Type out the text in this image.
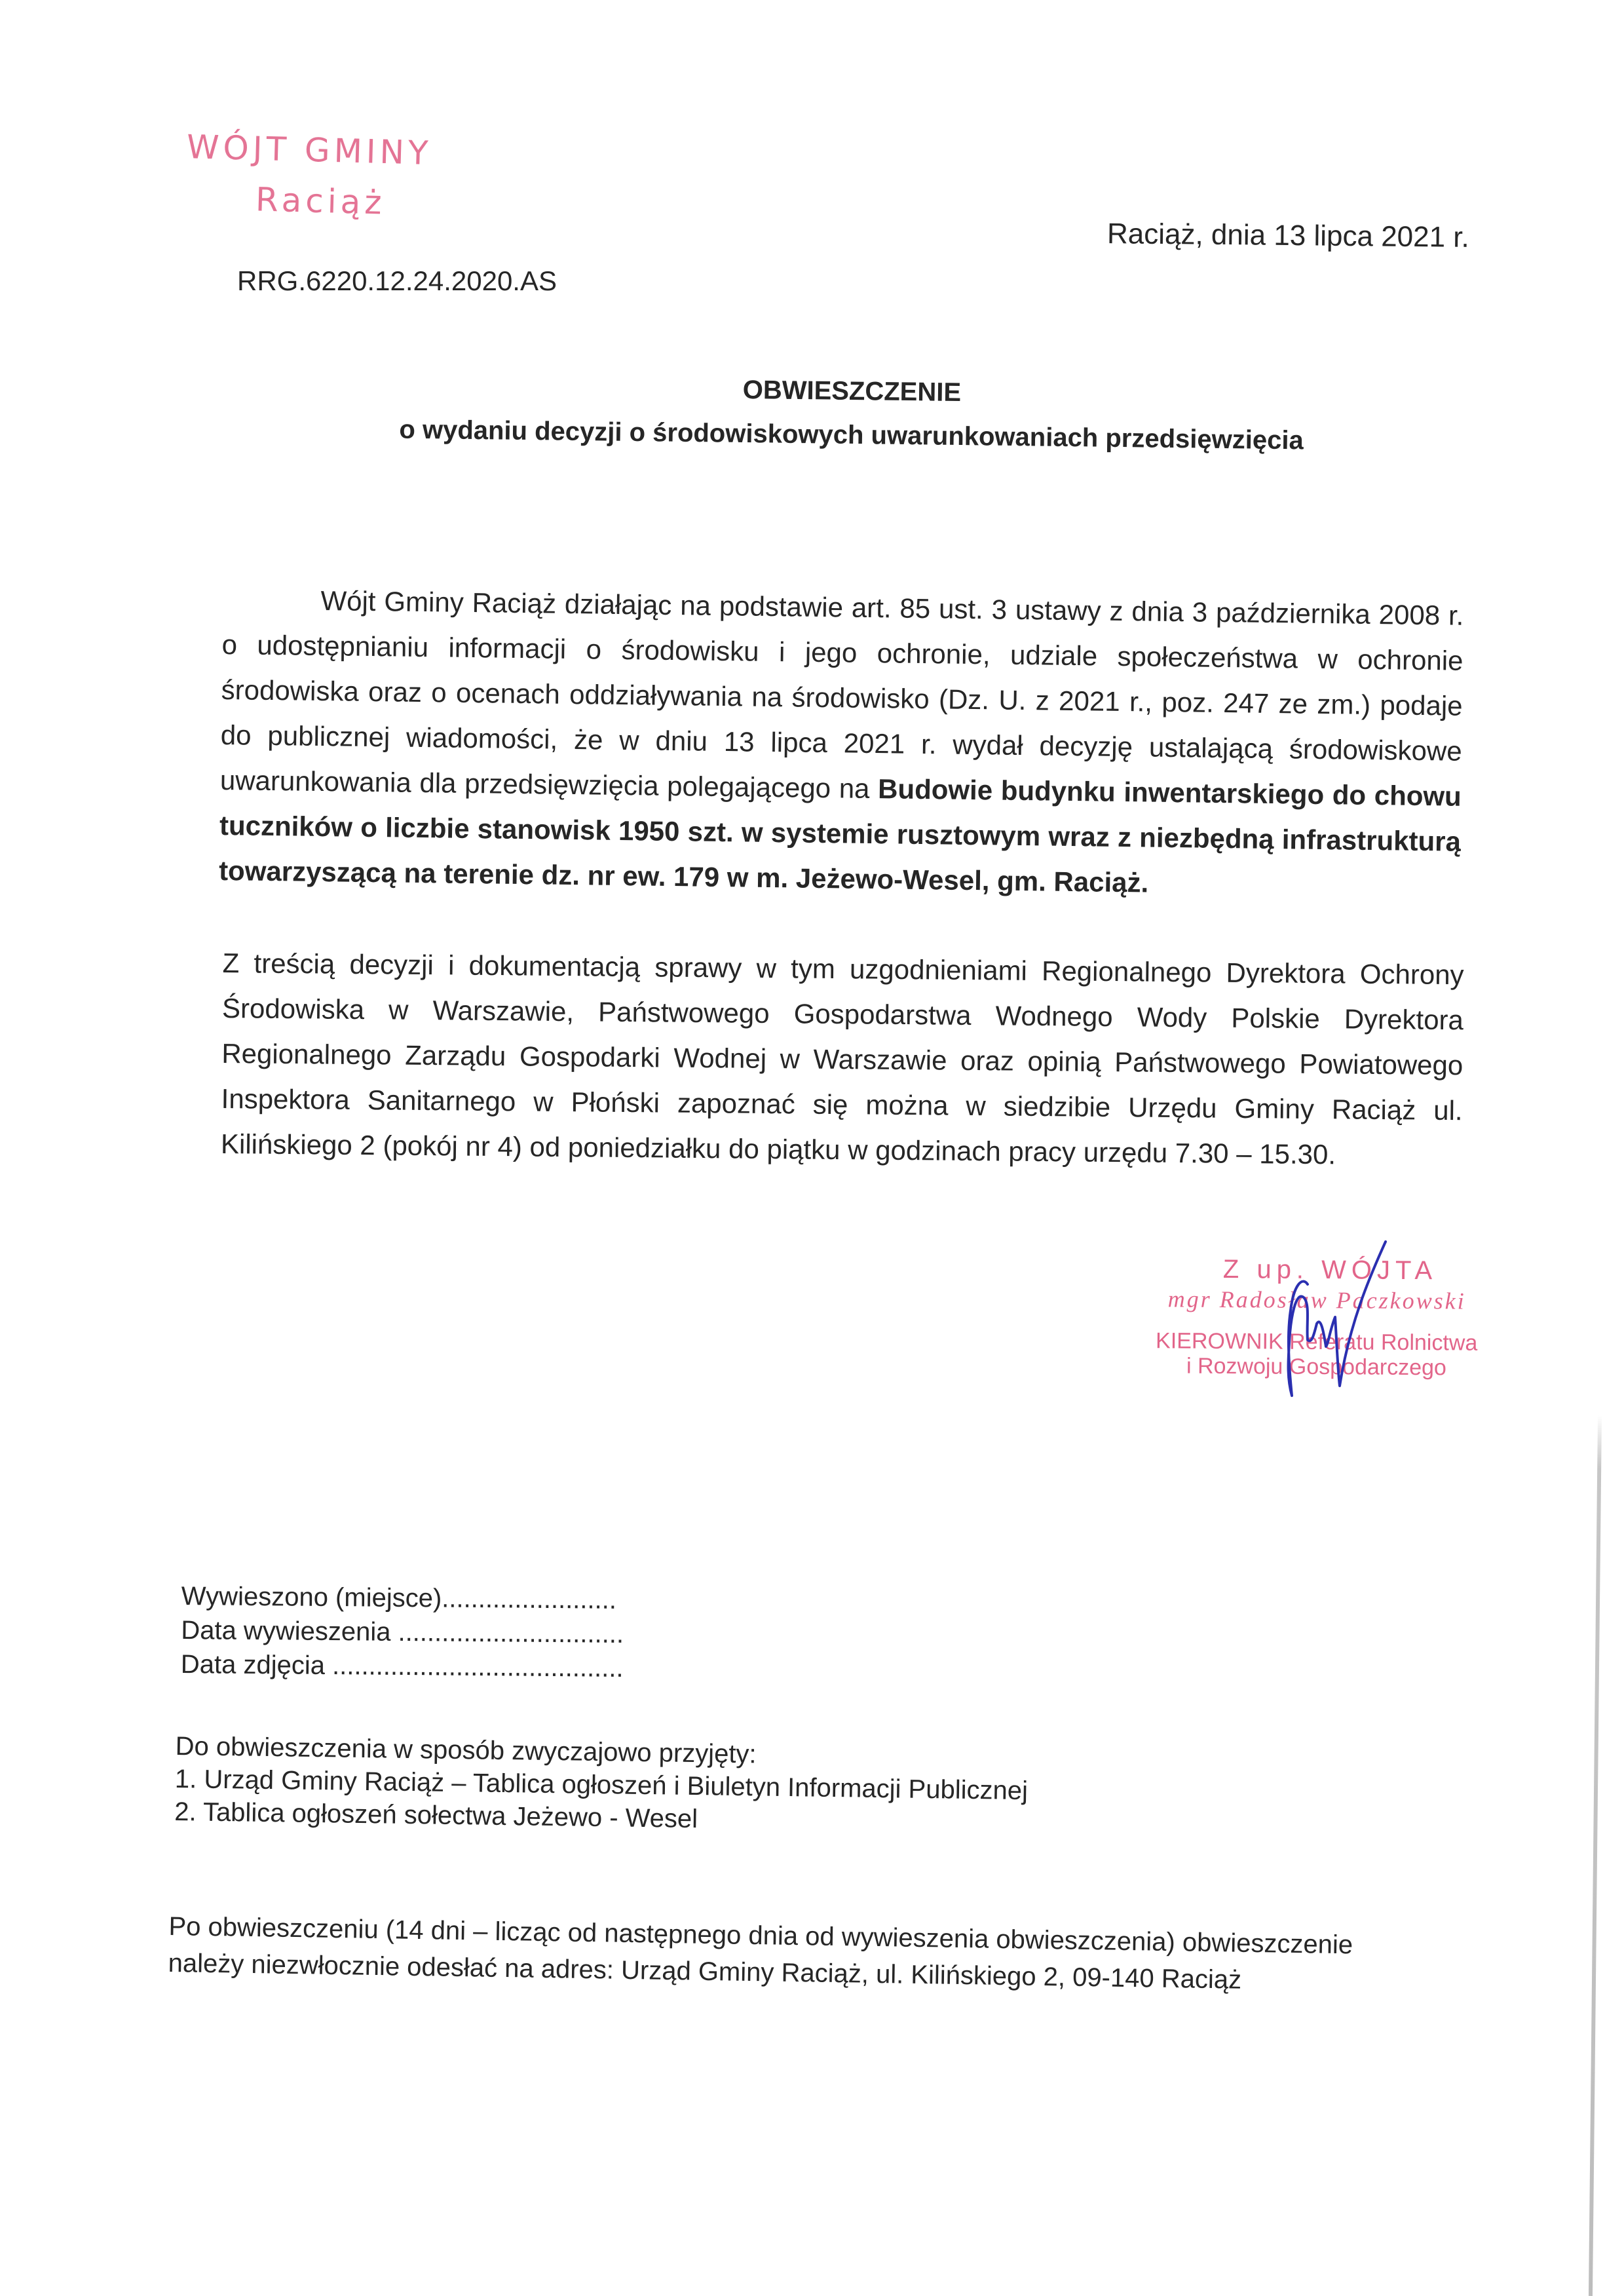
WÓJT GMINY
Raciąż
RRG.6220.12.24.2020.AS
Raciąż, dnia 13 lipca 2021 r.
OBWIESZCZENIE
o wydaniu decyzji o środowiskowych uwarunkowaniach przedsięwzięcia
Wójt Gminy Raciąż działając na podstawie art. 85 ust. 3 ustawy z dnia 3 października 2008 r. o udostępnianiu informacji o środowisku i jego ochronie, udziale społeczeństwa w ochronie środowiska oraz o ocenach oddziaływania na środowisko (Dz. U. z 2021 r., poz. 247 ze zm.) podaje do publicznej wiadomości, że w dniu 13 lipca 2021 r. wydał decyzję ustalającą środowiskowe uwarunkowania dla przedsięwzięcia polegającego na Budowie budynku inwentarskiego do chowu tuczników o liczbie stanowisk 1950 szt. w systemie rusztowym wraz z niezbędną infrastrukturą towarzyszącą na terenie dz. nr ew. 179 w m. Jeżewo-Wesel, gm. Raciąż.
Z treścią decyzji i dokumentacją sprawy w tym uzgodnieniami Regionalnego Dyrektora Ochrony Środowiska w Warszawie, Państwowego Gospodarstwa Wodnego Wody Polskie Dyrektora Regionalnego Zarządu Gospodarki Wodnej w Warszawie oraz opinią Państwowego Powiatowego Inspektora Sanitarnego w Płoński zapoznać się można w siedzibie Urzędu Gminy Raciąż ul. Kilińskiego 2 (pokój nr 4) od poniedziałku do piątku w godzinach pracy urzędu 7.30 – 15.30.
Z up. WÓJTA
mgr Radosław Paczkowski
KIEROWNIK Referatu Rolnictwa
i Rozwoju Gospodarczego
Wywieszono (miejsce)........................
Data wywieszenia ...............................
Data zdjęcia ........................................
Do obwieszczenia w sposób zwyczajowo przyjęty:
1. Urząd Gminy Raciąż – Tablica ogłoszeń i Biuletyn Informacji Publicznej
2. Tablica ogłoszeń sołectwa Jeżewo - Wesel
Po obwieszczeniu (14 dni – licząc od następnego dnia od wywieszenia obwieszczenia) obwieszczenie należy niezwłocznie odesłać na adres: Urząd Gminy Raciąż, ul. Kilińskiego 2, 09-140 Raciąż
